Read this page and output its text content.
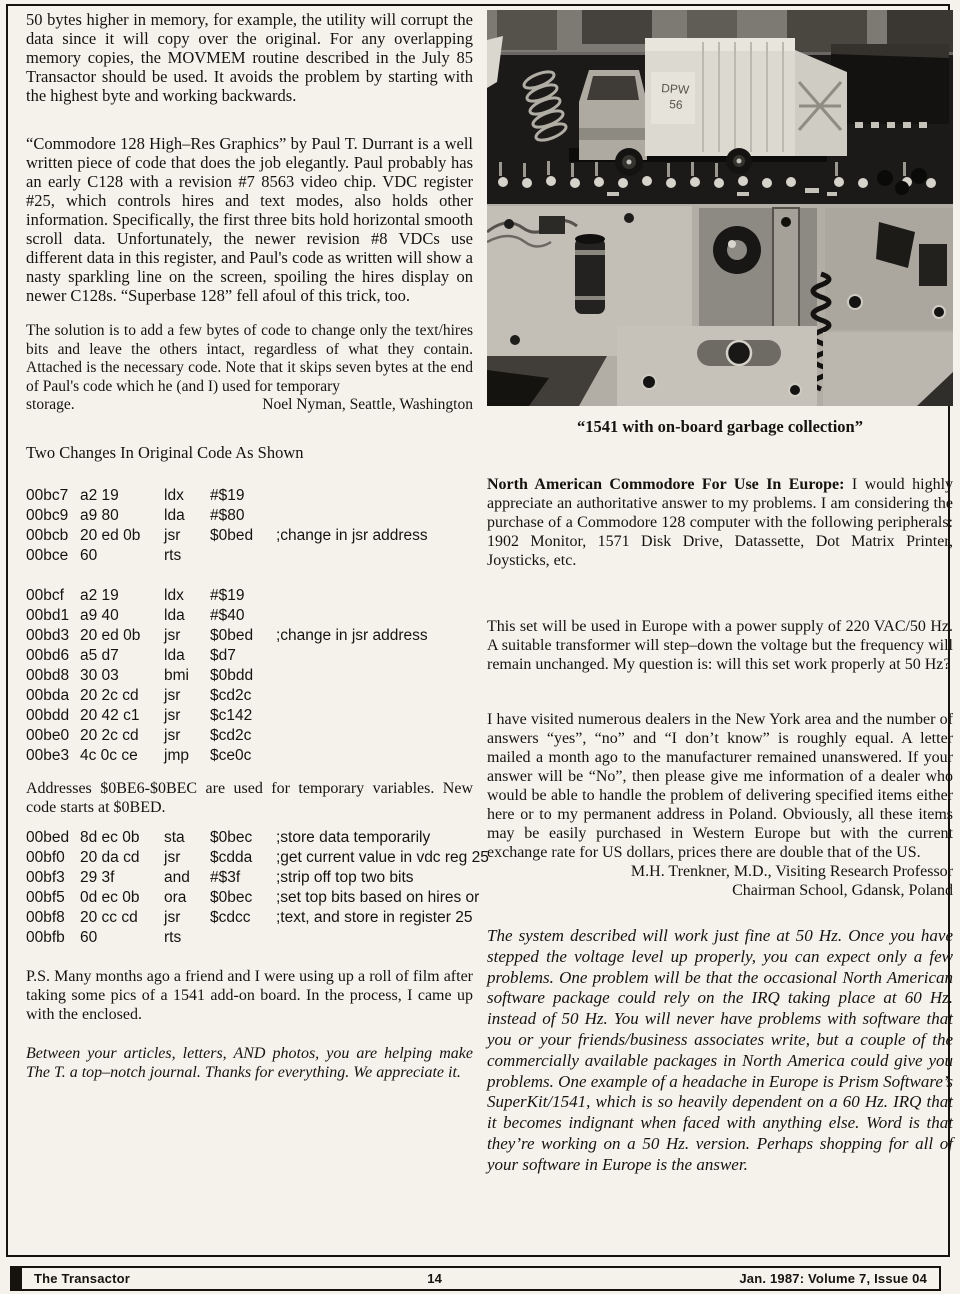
50 bytes higher in memory, for example, the utility will corrupt the data since it will copy over the original. For any overlapping memory copies, the MOVMEM routine described in the July 85 Transactor should be used. It avoids the problem by starting with the highest byte and working backwards.

“Commodore 128 High–Res Graphics” by Paul T. Durrant is a well written piece of code that does the job elegantly. Paul probably has an early C128 with a revision #7 8563 video chip. VDC register #25, which controls hires and text modes, also holds other information. Specifically, the first three bits hold horizontal smooth scroll data. Unfortunately, the newer revision #8 VDCs use different data in this register, and Paul's code as written will show a nasty sparkling line on the screen, spoiling the hires display on newer C128s. “Superbase 128” fell afoul of this trick, too.

The solution is to add a few bytes of code to change only the text/hires bits and leave the others intact, regardless of what they contain. Attached is the necessary code. Note that it skips seven bytes at the end of Paul's code which he (and I) used for temporary

storage.	Noel Nyman, Seattle, Washington

Two Changes In Original Code As Shown

00bc7 a2 19	ldx	#$19
00bc9 a9 80	lda	#$80
00bcb 20 ed 0b	jsr	$0bed	;change in jsr address
00bce 60	rts
00bcf	a2 19	ldx	#$19
00bd1 a9 40	lda	#$40
00bd3 20 ed 0b	jsr	$0bed	;change in jsr address
00bd6 a5 d7	lda	$d7
00bd8 30 03	bmi	$0bdd
00bda 20 2c cd	jsr	$cd2c
00bdd 20 42 c1	jsr	$c142
00be0 20 2c cd	jsr	$cd2c
00be3 4c 0c ce	jmp	$ce0c

Addresses $0BE6-$0BEC are used for temporary variables. New code starts at $0BED.

00bed 8d ec 0b	sta	$0bec	;store data temporarily
00bf0 20 da cd	jsr	$cdda	;get current value in vdc reg 25
00bf3 29 3f	and	#$3f	;strip off top two bits
00bf5 0d ec 0b	ora	$0bec	;set top bits based on hires or
00bf8 20 cc cd	jsr	$cdcc	;text, and store in register 25
00bfb 60	rts

P.S. Many months ago a friend and I were using up a roll of film after taking some pics of a 1541 add-on board. In the process, I came up with the enclosed.

Between your articles, letters, AND photos, you are helping make The T. a top–notch journal. Thanks for everything. We appreciate it.

DPW
56
“1541 with on-board garbage collection”

North American Commodore For Use In Europe: I would highly appreciate an authoritative answer to my problems. I am considering the purchase of a Commodore 128 computer with the following peripherals: 1902 Monitor, 1571 Disk Drive, Datassette, Dot Matrix Printer, Joysticks, etc.

This set will be used in Europe with a power supply of 220 VAC/50 Hz. A suitable transformer will step–down the voltage but the frequency will remain unchanged. My question is: will this set work properly at 50 Hz?

I have visited numerous dealers in the New York area and the number of answers “yes”, “no” and “I don’t know” is roughly equal. A letter mailed a month ago to the manufacturer remained unanswered. If your answer will be “No”, then please give me information of a dealer who would be able to handle the problem of delivering specified items either here or to my permanent address in Poland. Obviously, all these items may be easily purchased in Western Europe but with the current exchange rate for US dollars, prices there are double that of the US.

M.H. Trenkner, M.D., Visiting Research Professor

Chairman School, Gdansk, Poland

The system described will work just fine at 50 Hz. Once you have stepped the voltage level up properly, you can expect only a few problems. One problem will be that the occasional North American software package could rely on the IRQ taking place at 60 Hz. instead of 50 Hz. You will never have problems with software that you or your friends/business associates write, but a couple of the commercially available packages in North America could give you problems. One example of a headache in Europe is Prism Software’s SuperKit/1541, which is so heavily dependent on a 60 Hz. IRQ that it becomes indignant when faced with anything else. Word is that they’re working on a 50 Hz. version. Perhaps shopping for all of your software in Europe is the answer.

The Transactor	14	Jan. 1987: Volume 7, Issue 04
